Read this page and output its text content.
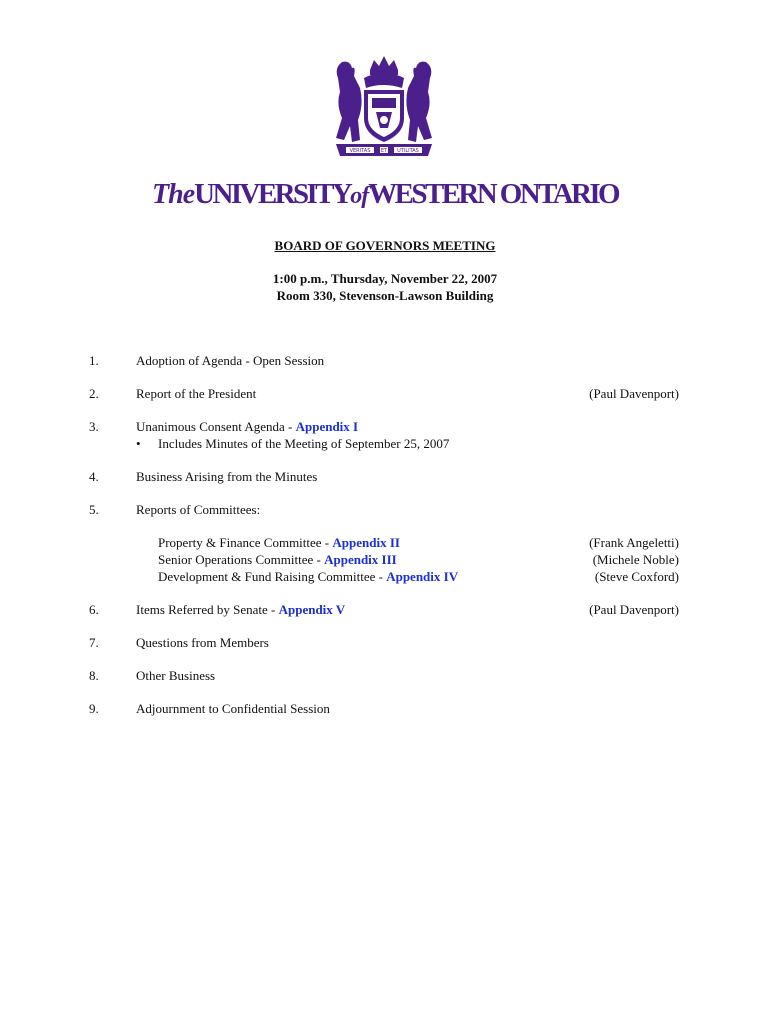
VERITAS ET UTILITAS
TheUNIVERSITYofWESTERN ONTARIO
BOARD OF GOVERNORS MEETING
1:00 p.m., Thursday, November 22, 2007
Room 330, Stevenson-Lawson Building
1.	Adoption of Agenda - Open Session
2.	Report of the President	(Paul Davenport)
3.	Unanimous Consent Agenda - Appendix I
• Includes Minutes of the Meeting of September 25, 2007
4.	Business Arising from the Minutes
5.	Reports of Committees:
Property & Finance Committee - Appendix II	(Frank Angeletti)
Senior Operations Committee - Appendix III	(Michele Noble)
Development & Fund Raising Committee - Appendix IV	(Steve Coxford)
6.	Items Referred by Senate - Appendix V	(Paul Davenport)
7.	Questions from Members
8.	Other Business
9.	Adjournment to Confidential Session
